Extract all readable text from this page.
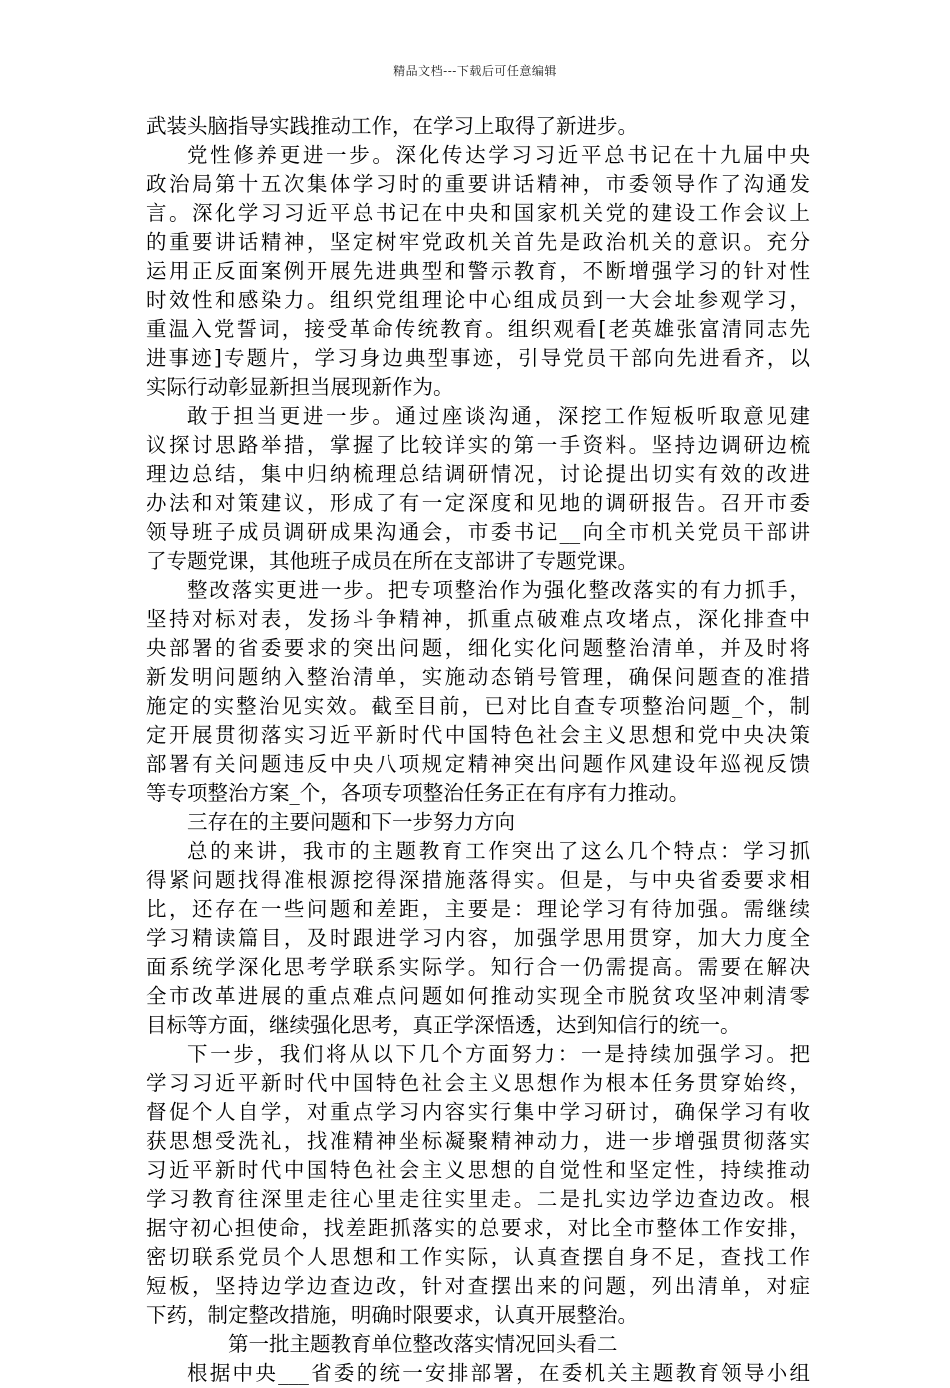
精品文档---下载后可任意编辑
武装头脑指导实践推动工作，在学习上取得了新进步。
党性修养更进一步。深化传达学习习近平总书记在十九届中央
政治局第十五次集体学习时的重要讲话精神，市委领导作了沟通发
言。深化学习习近平总书记在中央和国家机关党的建设工作会议上
的重要讲话精神，坚定树牢党政机关首先是政治机关的意识。充分
运用正反面案例开展先进典型和警示教育，不断增强学习的针对性
时效性和感染力。组织党组理论中心组成员到一大会址参观学习，
重温入党誓词，接受革命传统教育。组织观看[老英雄张富清同志先
进事迹]专题片，学习身边典型事迹，引导党员干部向先进看齐，以
实际行动彰显新担当展现新作为。
敢于担当更进一步。通过座谈沟通，深挖工作短板听取意见建
议探讨思路举措，掌握了比较详实的第一手资料。坚持边调研边梳
理边总结，集中归纳梳理总结调研情况，讨论提出切实有效的改进
办法和对策建议，形成了有一定深度和见地的调研报告。召开市委
领导班子成员调研成果沟通会，市委书记__向全市机关党员干部讲
了专题党课，其他班子成员在所在支部讲了专题党课。
整改落实更进一步。把专项整治作为强化整改落实的有力抓手，
坚持对标对表，发扬斗争精神，抓重点破难点攻堵点，深化排查中
央部署的省委要求的突出问题，细化实化问题整治清单，并及时将
新发明问题纳入整治清单，实施动态销号管理，确保问题查的准措
施定的实整治见实效。截至目前，已对比自查专项整治问题_个，制
定开展贯彻落实习近平新时代中国特色社会主义思想和党中央决策
部署有关问题违反中央八项规定精神突出问题作风建设年巡视反馈
等专项整治方案_个，各项专项整治任务正在有序有力推动。
三存在的主要问题和下一步努力方向
总的来讲，我市的主题教育工作突出了这么几个特点：学习抓
得紧问题找得准根源挖得深措施落得实。但是，与中央省委要求相
比，还存在一些问题和差距，主要是：理论学习有待加强。需继续
学习精读篇目，及时跟进学习内容，加强学思用贯穿，加大力度全
面系统学深化思考学联系实际学。知行合一仍需提高。需要在解决
全市改革进展的重点难点问题如何推动实现全市脱贫攻坚冲刺清零
目标等方面，继续强化思考，真正学深悟透，达到知信行的统一。
下一步，我们将从以下几个方面努力：一是持续加强学习。把
学习习近平新时代中国特色社会主义思想作为根本任务贯穿始终，
督促个人自学，对重点学习内容实行集中学习研讨，确保学习有收
获思想受洗礼，找准精神坐标凝聚精神动力，进一步增强贯彻落实
习近平新时代中国特色社会主义思想的自觉性和坚定性，持续推动
学习教育往深里走往心里走往实里走。二是扎实边学边查边改。根
据守初心担使命，找差距抓落实的总要求，对比全市整体工作安排，
密切联系党员个人思想和工作实际，认真查摆自身不足，查找工作
短板，坚持边学边查边改，针对查摆出来的问题，列出清单，对症
下药，制定整改措施，明确时限要求，认真开展整治。
第一批主题教育单位整改落实情况回头看二
根据中央___省委的统一安排部署，在委机关主题教育领导小组
